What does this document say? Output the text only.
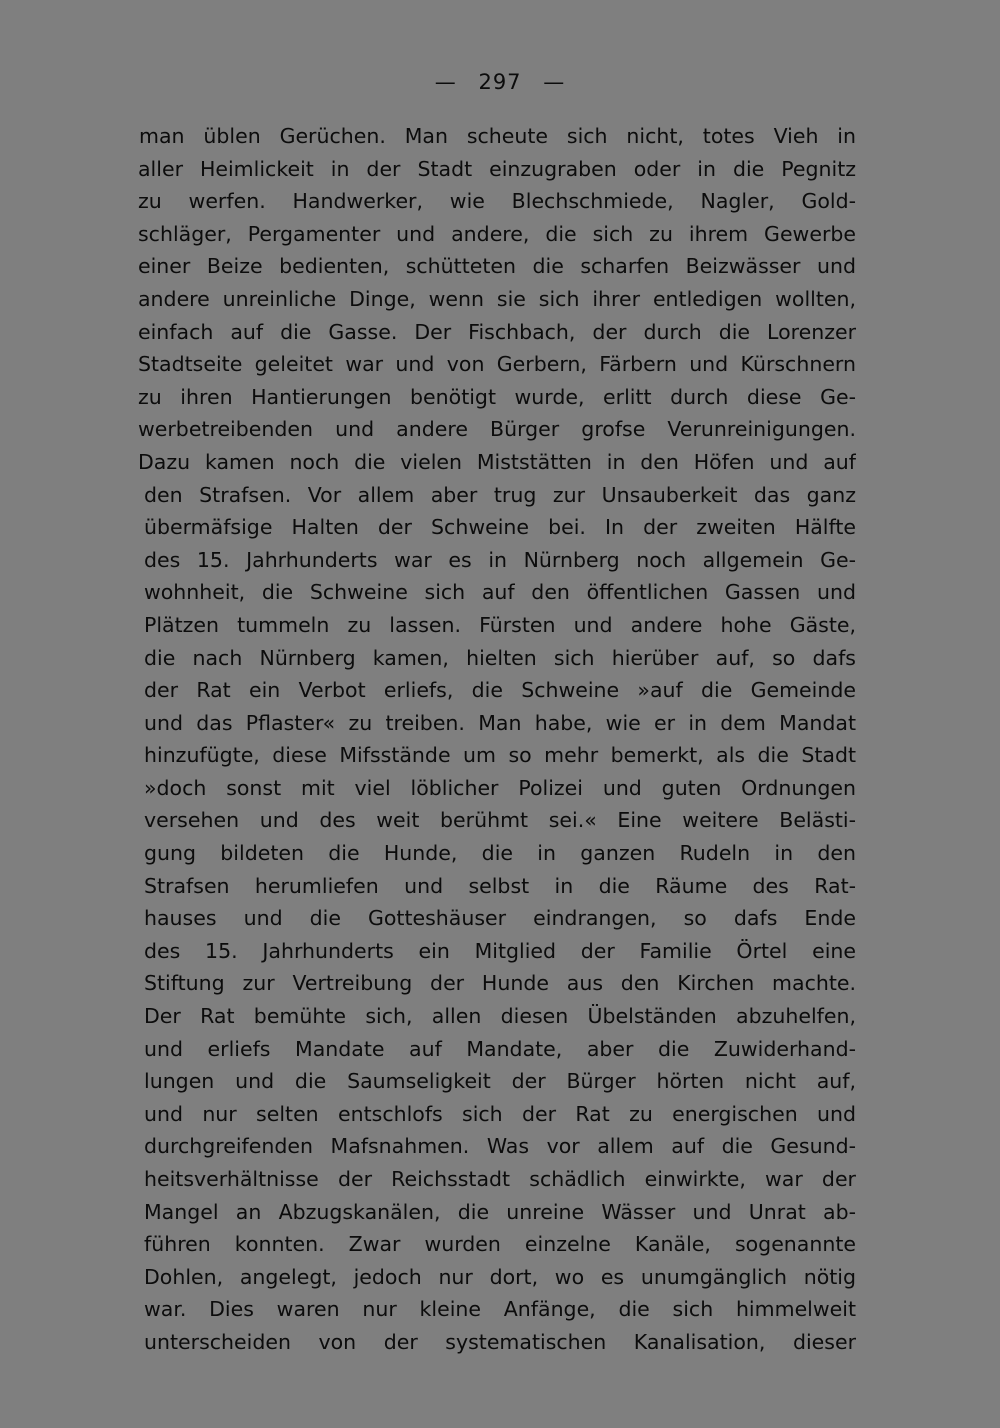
— 297 —
man üblen Gerüchen. Man scheute sich nicht, totes Vieh in
aller Heimlickeit in der Stadt einzugraben oder in die Pegnitz
zu werfen. Handwerker, wie Blechschmiede, Nagler, Gold-
schläger, Pergamenter und andere, die sich zu ihrem Gewerbe
einer Beize bedienten, schütteten die scharfen Beizwässer und
andere unreinliche Dinge, wenn sie sich ihrer entledigen wollten,
einfach auf die Gasse. Der Fischbach, der durch die Lorenzer
Stadtseite geleitet war und von Gerbern, Färbern und Kürschnern
zu ihren Hantierungen benötigt wurde, erlitt durch diese Ge-
werbetreibenden und andere Bürger grofse Verunreinigungen.
Dazu kamen noch die vielen Miststätten in den Höfen und auf
den Strafsen. Vor allem aber trug zur Unsauberkeit das ganz
übermäfsige Halten der Schweine bei. In der zweiten Hälfte
des 15. Jahrhunderts war es in Nürnberg noch allgemein Ge-
wohnheit, die Schweine sich auf den öffentlichen Gassen und
Plätzen tummeln zu lassen. Fürsten und andere hohe Gäste,
die nach Nürnberg kamen, hielten sich hierüber auf, so dafs
der Rat ein Verbot erliefs, die Schweine »auf die Gemeinde
und das Pflaster« zu treiben. Man habe, wie er in dem Mandat
hinzufügte, diese Mifsstände um so mehr bemerkt, als die Stadt
»doch sonst mit viel löblicher Polizei und guten Ordnungen
versehen und des weit berühmt sei.« Eine weitere Belästi-
gung bildeten die Hunde, die in ganzen Rudeln in den
Strafsen herumliefen und selbst in die Räume des Rat-
hauses und die Gotteshäuser eindrangen, so dafs Ende
des 15. Jahrhunderts ein Mitglied der Familie Örtel eine
Stiftung zur Vertreibung der Hunde aus den Kirchen machte.
Der Rat bemühte sich, allen diesen Übelständen abzuhelfen,
und erliefs Mandate auf Mandate, aber die Zuwiderhand-
lungen und die Saumseligkeit der Bürger hörten nicht auf,
und nur selten entschlofs sich der Rat zu energischen und
durchgreifenden Mafsnahmen. Was vor allem auf die Gesund-
heitsverhältnisse der Reichsstadt schädlich einwirkte, war der
Mangel an Abzugskanälen, die unreine Wässer und Unrat ab-
führen konnten. Zwar wurden einzelne Kanäle, sogenannte
Dohlen, angelegt, jedoch nur dort, wo es unumgänglich nötig
war. Dies waren nur kleine Anfänge, die sich himmelweit
unterscheiden von der systematischen Kanalisation, dieser
